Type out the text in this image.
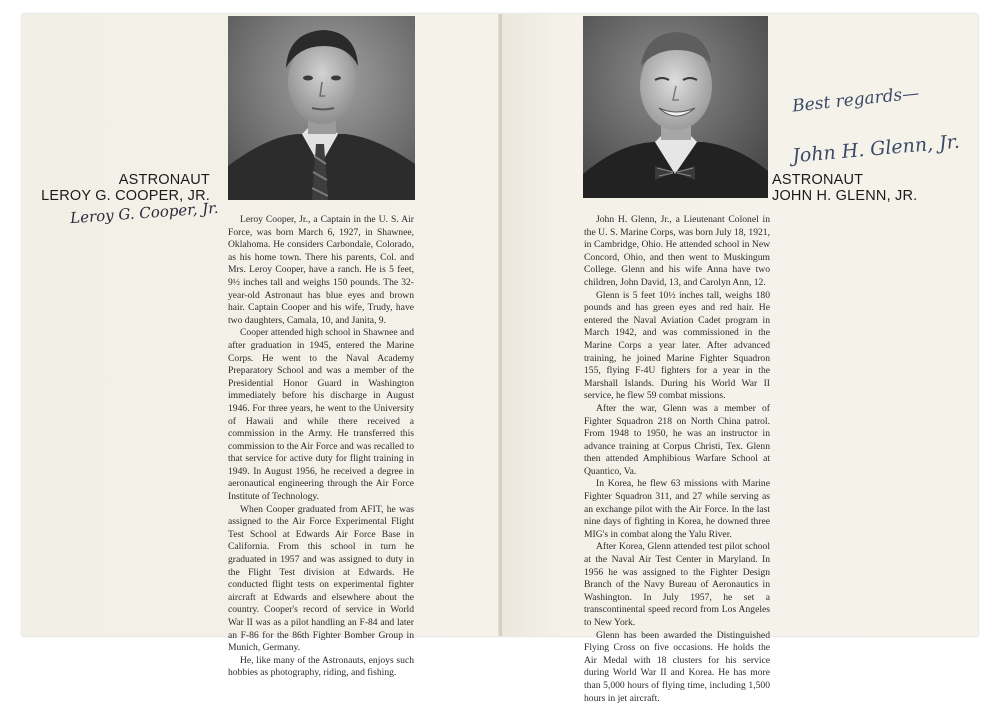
ASTRONAUT
LEROY G. COOPER, JR.
Leroy G. Cooper, Jr.	Leroy Cooper, Jr., a Captain in the U. S. Air Force, was born March 6, 1927, in Shawnee, Oklahoma. He considers Carbondale, Colorado, as his home town. There his parents, Col. and Mrs. Leroy Cooper, have a ranch. He is 5 feet, 9½ inches tall and weighs 150 pounds. The 32-year-old Astronaut has blue eyes and brown hair. Captain Cooper and his wife, Trudy, have two daughters, Camala, 10, and Janita, 9.

Cooper attended high school in Shawnee and after graduation in 1945, entered the Marine Corps. He went to the Naval Academy Preparatory School and was a member of the Presidential Honor Guard in Washington immediately before his discharge in August 1946. For three years, he went to the University of Hawaii and while there received a commission in the Army. He transferred this commission to the Air Force and was recalled to that service for active duty for flight training in 1949. In August 1956, he received a degree in aeronautical engineering through the Air Force Institute of Technology.

When Cooper graduated from AFIT, he was assigned to the Air Force Experimental Flight Test School at Edwards Air Force Base in California. From this school in turn he graduated in 1957 and was assigned to duty in the Flight Test division at Edwards. He conducted flight tests on experimental fighter aircraft at Edwards and elsewhere about the country. Cooper's record of service in World War II was as a pilot handling an F-84 and later an F-86 for the 86th Fighter Bomber Group in Munich, Germany.

He, like many of the Astronauts, enjoys such hobbies as photography, riding, and fishing.

Best regards—
John H. Glenn, Jr.
ASTRONAUT
JOHN H. GLENN, JR.

John H. Glenn, Jr., a Lieutenant Colonel in the U. S. Marine Corps, was born July 18, 1921, in Cambridge, Ohio. He attended school in New Concord, Ohio, and then went to Muskingum College. Glenn and his wife Anna have two children, John David, 13, and Carolyn Ann, 12.

Glenn is 5 feet 10½ inches tall, weighs 180 pounds and has green eyes and red hair. He entered the Naval Aviation Cadet program in March 1942, and was commissioned in the Marine Corps a year later. After advanced training, he joined Marine Fighter Squadron 155, flying F-4U fighters for a year in the Marshall Islands. During his World War II service, he flew 59 combat missions.

After the war, Glenn was a member of Fighter Squadron 218 on North China patrol. From 1948 to 1950, he was an instructor in advance training at Corpus Christi, Tex. Glenn then attended Amphibious Warfare School at Quantico, Va.

In Korea, he flew 63 missions with Marine Fighter Squadron 311, and 27 while serving as an exchange pilot with the Air Force. In the last nine days of fighting in Korea, he downed three MIG's in combat along the Yalu River.

After Korea, Glenn attended test pilot school at the Naval Air Test Center in Maryland. In 1956 he was assigned to the Fighter Design Branch of the Navy Bureau of Aeronautics in Washington. In July 1957, he set a transcontinental speed record from Los Angeles to New York.

Glenn has been awarded the Distinguished Flying Cross on five occasions. He holds the Air Medal with 18 clusters for his service during World War II and Korea. He has more than 5,000 hours of flying time, including 1,500 hours in jet aircraft.
